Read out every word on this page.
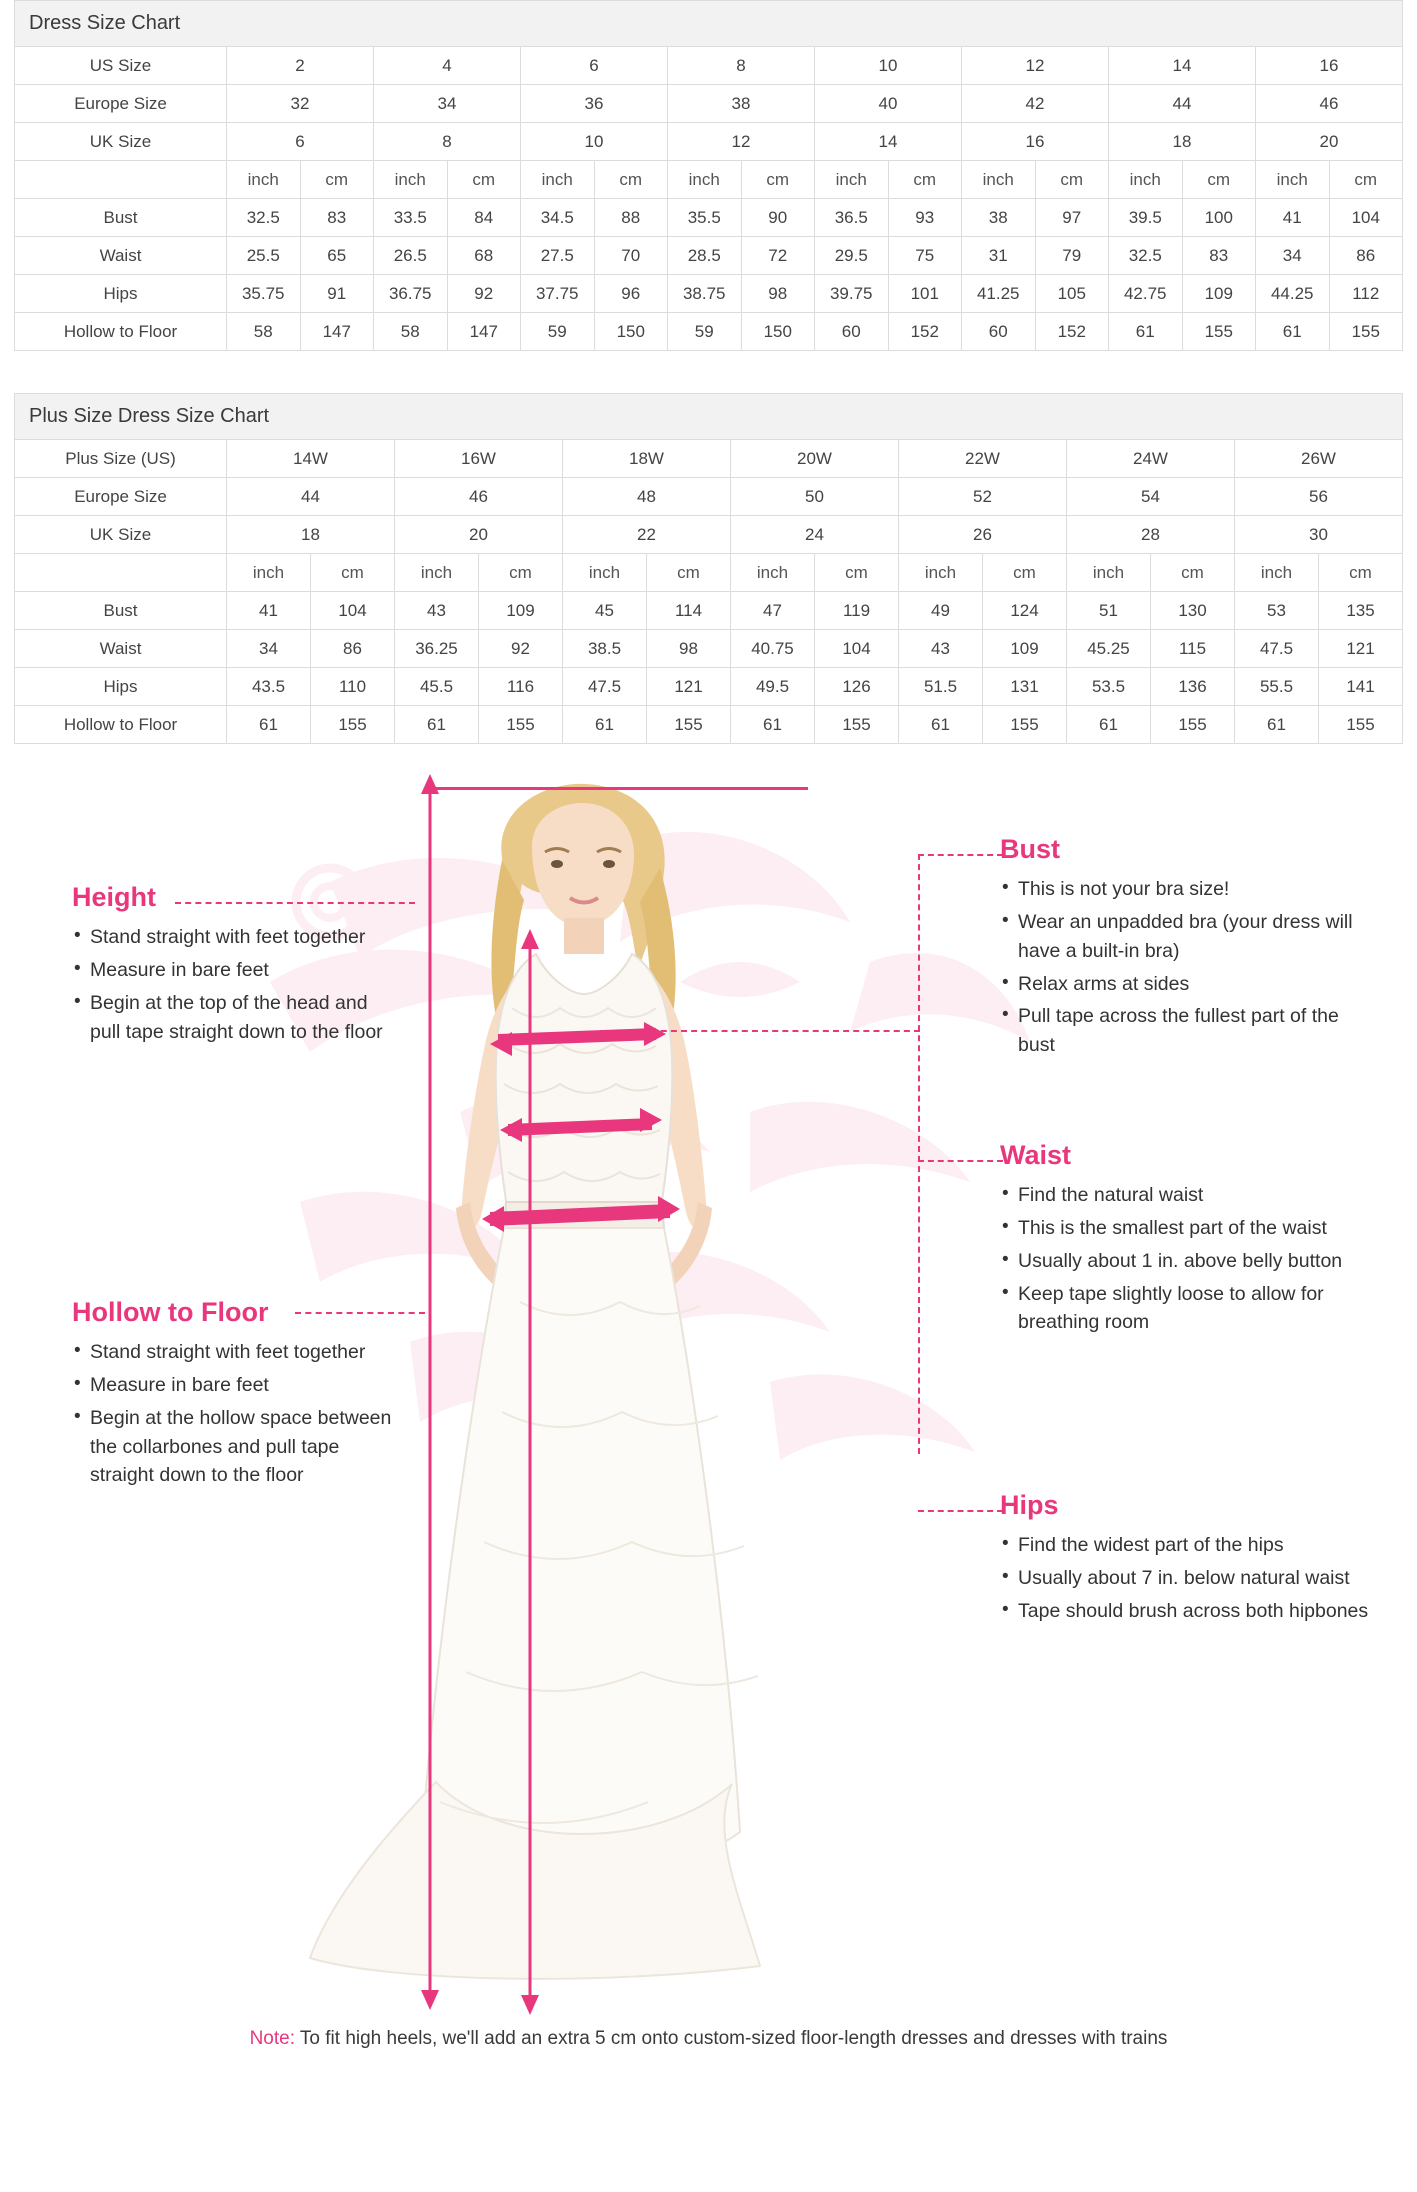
Dress Size Chart
US Size	2		4		6		8		10		12		14		16	
Europe Size	32		34		36		38		40		42		44		46	
UK Size	6		8		10		12		14		16		18		20	
	inch	cm	inch	cm	inch	cm	inch	cm	inch	cm	inch	cm	inch	cm	inch	cm
Bust	32.5	83	33.5	84	34.5	88	35.5	90	36.5	93	38	97	39.5	100	41	104
Waist	25.5	65	26.5	68	27.5	70	28.5	72	29.5	75	31	79	32.5	83	34	86
Hips	35.75	91	36.75	92	37.75	96	38.75	98	39.75	101	41.25	105	42.75	109	44.25	112
Hollow to Floor	58	147	58	147	59	150	59	150	60	152	60	152	61	155	61	155
Plus Size Dress Size Chart
Plus Size (US)	14W		16W		18W		20W		22W		24W		26W	
Europe Size	44		46		48		50		52		54		56	
UK Size	18		20		22		24		26		28		30	
	inch	cm	inch	cm	inch	cm	inch	cm	inch	cm	inch	cm	inch	cm
Bust	41	104	43	109	45	114	47	119	49	124	51	130	53	135
Waist	34	86	36.25	92	38.5	98	40.75	104	43	109	45.25	115	47.5	121
Hips	43.5	110	45.5	116	47.5	121	49.5	126	51.5	131	53.5	136	55.5	141
Hollow to Floor	61	155	61	155	61	155	61	155	61	155	61	155	61	155
Height
• Stand straight with feet together
• Measure in bare feet
• Begin at the top of the head and pull tape straight down to the floor
Hollow to Floor
• Stand straight with feet together
• Measure in bare feet
• Begin at the hollow space between the collarbones and pull tape straight down to the floor
Bust
• This is not your bra size!
• Wear an unpadded bra (your dress will have a built-in bra)
• Relax arms at sides
• Pull tape across the fullest part of the bust
Waist
• Find the natural waist
• This is the smallest part of the waist
• Usually about 1 in. above belly button
• Keep tape slightly loose to allow for breathing room
Hips
• Find the widest part of the hips
• Usually about 7 in. below natural waist
• Tape should brush across both hipbones
Note: To fit high heels, we'll add an extra 5 cm onto custom-sized floor-length dresses and dresses with trains
